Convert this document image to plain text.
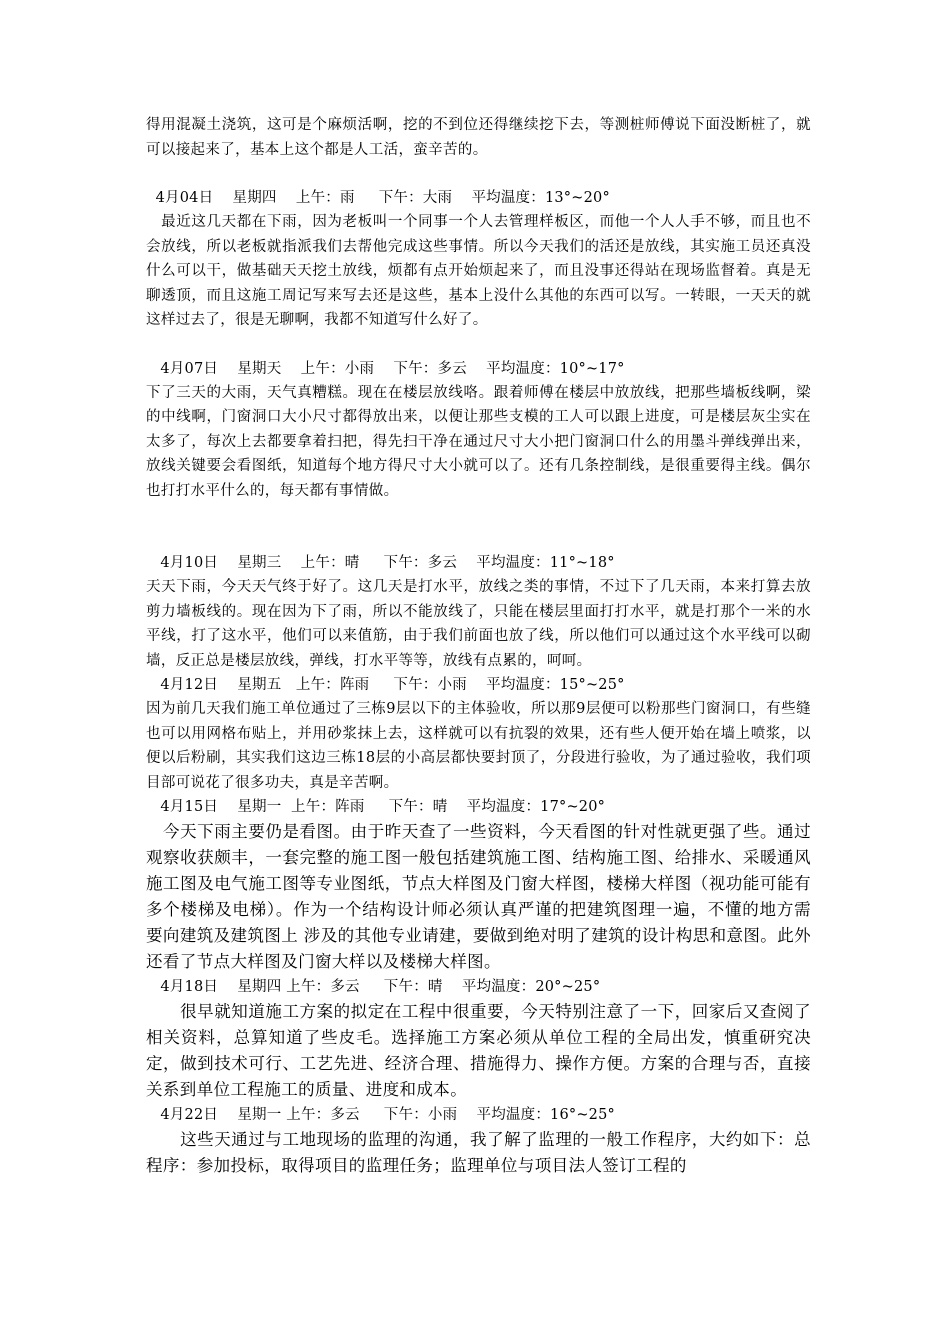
得用混凝土浇筑，这可是个麻烦活啊，挖的不到位还得继续挖下去，等测桩师傅说下面没断桩了，就可以接起来了，基本上这个都是人工活，蛮辛苦的。

4月04日    星期四    上午：雨     下午：大雨    平均温度：13°~20°

　最近这几天都在下雨，因为老板叫一个同事一个人去管理样板区，而他一个人人手不够，而且也不会放线，所以老板就指派我们去帮他完成这些事情。所以今天我们的活还是放线，其实施工员还真没什么可以干，做基础天天挖土放线，烦都有点开始烦起来了，而且没事还得站在现场监督着。真是无聊透顶，而且这施工周记写来写去还是这些，基本上没什么其他的东西可以写。一转眼，一天天的就这样过去了，很是无聊啊，我都不知道写什么好了。

4月07日    星期天    上午：小雨    下午：多云    平均温度：10°~17°

下了三天的大雨，天气真糟糕。现在在楼层放线咯。跟着师傅在楼层中放放线，把那些墙板线啊，梁的中线啊，门窗洞口大小尺寸都得放出来，以便让那些支模的工人可以跟上进度，可是楼层灰尘实在太多了，每次上去都要拿着扫把，得先扫干净在通过尺寸大小把门窗洞口什么的用墨斗弹线弹出来，放线关键要会看图纸，知道每个地方得尺寸大小就可以了。还有几条控制线，是很重要得主线。偶尔也打打水平什么的，每天都有事情做。

4月10日    星期三    上午：晴     下午：多云    平均温度：11°~18°

天天下雨，今天天气终于好了。这几天是打水平，放线之类的事情，不过下了几天雨，本来打算去放剪力墙板线的。现在因为下了雨，所以不能放线了，只能在楼层里面打打水平，就是打那个一米的水平线，打了这水平，他们可以来值筋，由于我们前面也放了线，所以他们可以通过这个水平线可以砌墙，反正总是楼层放线，弹线，打水平等等，放线有点累的，呵呵。

4月12日    星期五   上午：阵雨     下午：小雨    平均温度：15°~25°

因为前几天我们施工单位通过了三栋9层以下的主体验收，所以那9层便可以粉那些门窗洞口，有些缝也可以用网格布贴上，并用砂浆抹上去，这样就可以有抗裂的效果，还有些人便开始在墙上喷浆，以便以后粉刷，其实我们这边三栋18层的小高层都快要封顶了，分段进行验收，为了通过验收，我们项目部可说花了很多功夫，真是辛苦啊。

4月15日    星期一  上午：阵雨     下午：晴    平均温度：17°~20°

　今天下雨主要仍是看图。由于昨天查了一些资料，今天看图的针对性就更强了些。通过观察收获颇丰，一套完整的施工图一般包括建筑施工图、结构施工图、给排水、采暖通风施工图及电气施工图等专业图纸，节点大样图及门窗大样图，楼梯大样图（视功能可能有多个楼梯及电梯）。作为一个结构设计师必须认真严谨的把建筑图理一遍，不懂的地方需要向建筑及建筑图上 涉及的其他专业请建，要做到绝对明了建筑的设计构思和意图。此外还看了节点大样图及门窗大样以及楼梯大样图。

4月18日    星期四 上午：多云     下午：晴    平均温度：20°~25°

　　很早就知道施工方案的拟定在工程中很重要，今天特别注意了一下，回家后又查阅了相关资料，总算知道了些皮毛。选择施工方案必须从单位工程的全局出发，慎重研究决定，做到技术可行、工艺先进、经济合理、措施得力、操作方便。方案的合理与否，直接关系到单位工程施工的质量、进度和成本。

4月22日    星期一 上午：多云     下午：小雨    平均温度：16°~25°

　　这些天通过与工地现场的监理的沟通，我了解了监理的一般工作程序，大约如下：总程序：参加投标，取得项目的监理任务；监理单位与项目法人签订工程的
